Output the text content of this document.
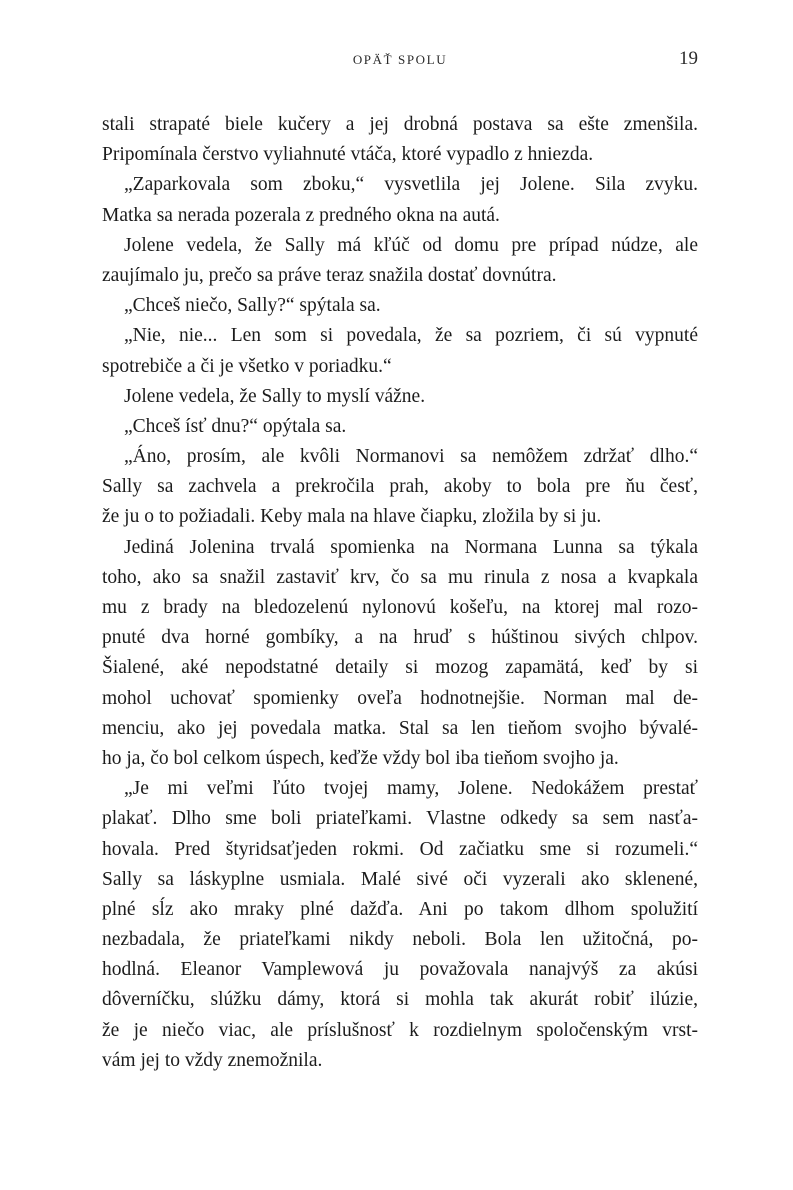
OPÄŤ SPOLU	19
stali strapaté biele kučery a jej drobná postava sa ešte zmenšila.
Pripomínala čerstvo vyliahnuté vtáča, ktoré vypadlo z hniezda.
„Zaparkovala som zboku,“ vysvetlila jej Jolene. Sila zvyku.
Matka sa nerada pozerala z predného okna na autá.
Jolene vedela, že Sally má kľúč od domu pre prípad núdze, ale
zaujímalo ju, prečo sa práve teraz snažila dostať dovnútra.
„Chceš niečo, Sally?“ spýtala sa.
„Nie, nie... Len som si povedala, že sa pozriem, či sú vypnuté
spotrebiče a či je všetko v poriadku.“
Jolene vedela, že Sally to myslí vážne.
„Chceš ísť dnu?“ opýtala sa.
„Áno, prosím, ale kvôli Normanovi sa nemôžem zdržať dlho.“
Sally sa zachvela a prekročila prah, akoby to bola pre ňu česť,
že ju o to požiadali. Keby mala na hlave čiapku, zložila by si ju.
Jediná Jolenina trvalá spomienka na Normana Lunna sa týkala
toho, ako sa snažil zastaviť krv, čo sa mu rinula z nosa a kvapkala
mu z brady na bledozelenú nylonovú košeľu, na ktorej mal rozo-
pnuté dva horné gombíky, a na hruď s húštinou sivých chlpov.
Šialené, aké nepodstatné detaily si mozog zapamätá, keď by si
mohol uchovať spomienky oveľa hodnotnejšie. Norman mal de-
menciu, ako jej povedala matka. Stal sa len tieňom svojho bývalé-
ho ja, čo bol celkom úspech, keďže vždy bol iba tieňom svojho ja.
„Je mi veľmi ľúto tvojej mamy, Jolene. Nedokážem prestať
plakať. Dlho sme boli priateľkami. Vlastne odkedy sa sem nasťa-
hovala. Pred štyridsaťjeden rokmi. Od začiatku sme si rozumeli.“
Sally sa láskyplne usmiala. Malé sivé oči vyzerali ako sklenené,
plné sĺz ako mraky plné dažďa. Ani po takom dlhom spolužití
nezbadala, že priateľkami nikdy neboli. Bola len užitočná, po-
hodlná. Eleanor Vamplewová ju považovala nanajvýš za akúsi
dôverníčku, slúžku dámy, ktorá si mohla tak akurát robiť ilúzie,
že je niečo viac, ale príslušnosť k rozdielnym spoločenským vrst-
vám jej to vždy znemožnila.
